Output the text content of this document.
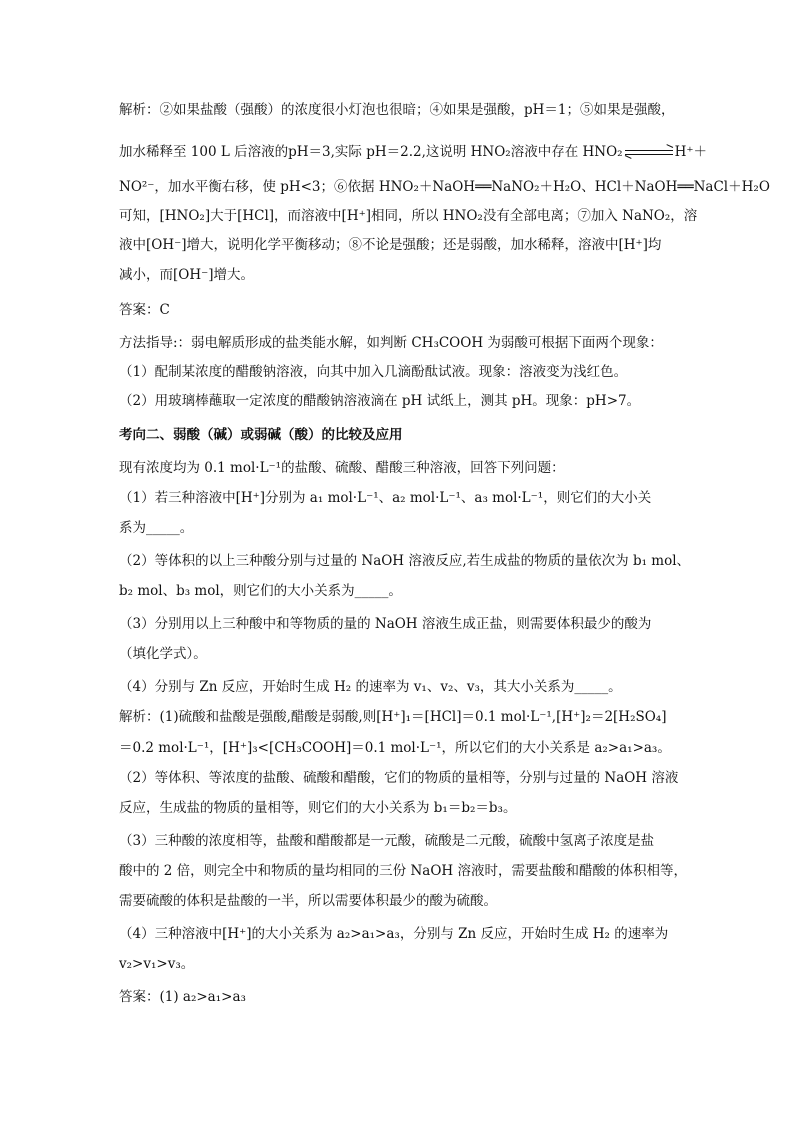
解析：②如果盐酸（强酸）的浓度很小灯泡也很暗；④如果是强酸，pH＝1；⑤如果是强酸，
加水稀释至 100 L 后溶液的pH＝3,实际 pH＝2.2,这说明 HNO₂溶液中存在 HNO₂	H⁺＋
NO²⁻，加水平衡右移，使 pH<3；⑥依据 HNO₂＋NaOH══NaNO₂＋H₂O、HCl＋NaOH══NaCl＋H₂O
可知，[HNO₂]大于[HCl]，而溶液中[H⁺]相同，所以 HNO₂没有全部电离；⑦加入 NaNO₂，溶
液中[OH⁻]增大，说明化学平衡移动；⑧不论是强酸；还是弱酸，加水稀释，溶液中[H⁺]均
减小，而[OH⁻]增大。
答案：C
方法指导:：弱电解质形成的盐类能水解，如判断 CH₃COOH 为弱酸可根据下面两个现象：
（1）配制某浓度的醋酸钠溶液，向其中加入几滴酚酞试液。现象：溶液变为浅红色。
（2）用玻璃棒蘸取一定浓度的醋酸钠溶液滴在 pH 试纸上，测其 pH。现象：pH>7。
考向二、弱酸（碱）或弱碱（酸）的比较及应用
现有浓度均为 0.1 mol·L⁻¹的盐酸、硫酸、醋酸三种溶液，回答下列问题：
（1）若三种溶液中[H⁺]分别为 a₁ mol·L⁻¹、a₂ mol·L⁻¹、a₃ mol·L⁻¹，则它们的大小关
系为_____。
（2）等体积的以上三种酸分别与过量的 NaOH 溶液反应,若生成盐的物质的量依次为 b₁ mol、
b₂ mol、b₃ mol，则它们的大小关系为_____。
（3）分别用以上三种酸中和等物质的量的 NaOH 溶液生成正盐，则需要体积最少的酸为
（填化学式）。
（4）分别与 Zn 反应，开始时生成 H₂ 的速率为 v₁、v₂、v₃，其大小关系为_____。
解析：(1)硫酸和盐酸是强酸,醋酸是弱酸,则[H⁺]₁＝[HCl]＝0.1 mol·L⁻¹,[H⁺]₂＝2[H₂SO₄]
＝0.2 mol·L⁻¹，[H⁺]₃<[CH₃COOH]＝0.1 mol·L⁻¹，所以它们的大小关系是 a₂>a₁>a₃。
（2）等体积、等浓度的盐酸、硫酸和醋酸，它们的物质的量相等，分别与过量的 NaOH 溶液
反应，生成盐的物质的量相等，则它们的大小关系为 b₁＝b₂＝b₃。
（3）三种酸的浓度相等，盐酸和醋酸都是一元酸，硫酸是二元酸，硫酸中氢离子浓度是盐
酸中的 2 倍，则完全中和物质的量均相同的三份 NaOH 溶液时，需要盐酸和醋酸的体积相等，
需要硫酸的体积是盐酸的一半，所以需要体积最少的酸为硫酸。
（4）三种溶液中[H⁺]的大小关系为 a₂>a₁>a₃，分别与 Zn 反应，开始时生成 H₂ 的速率为
v₂>v₁>v₃。
答案：(1) a₂>a₁>a₃
